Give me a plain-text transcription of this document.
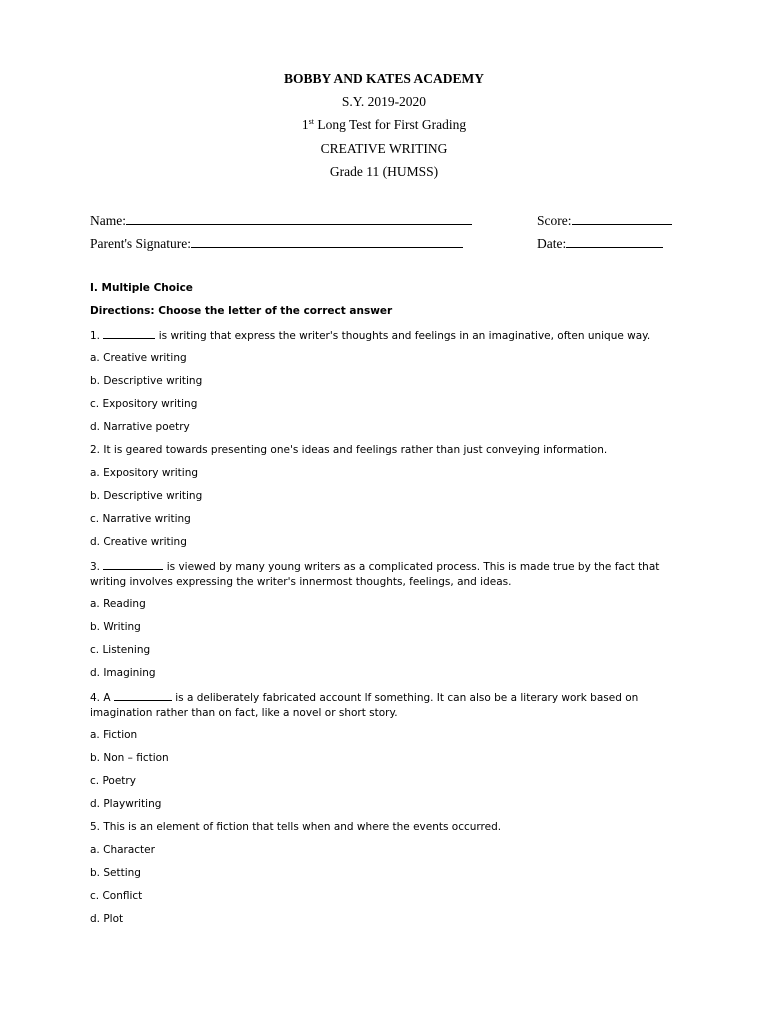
BOBBY AND KATES ACADEMY
S.Y. 2019-2020
1st Long Test for First Grading
CREATIVE WRITING
Grade 11 (HUMSS)
Name:	Score:
Parent's Signature:	Date:

I. Multiple Choice

Directions: Choose the letter of the correct answer

1.	is writing that express the writer's thoughts and feelings in an imaginative, often unique way.

a. Creative writing

b. Descriptive writing

c. Expository writing

d. Narrative poetry

2. It is geared towards presenting one's ideas and feelings rather than just conveying information.

a. Expository writing

b. Descriptive writing

c. Narrative writing

d. Creative writing

3.	is viewed by many young writers as a complicated process. This is made true by the fact that writing involves expressing the writer's innermost thoughts, feelings, and ideas.

a. Reading

b. Writing

c. Listening

d. Imagining

4. A	is a deliberately fabricated account lf something. It can also be a literary work based on imagination rather than on fact, like a novel or short story.

a. Fiction

b. Non – fiction

c. Poetry

d. Playwriting

5. This is an element of fiction that tells when and where the events occurred.

a. Character

b. Setting

c. Conflict

d. Plot
